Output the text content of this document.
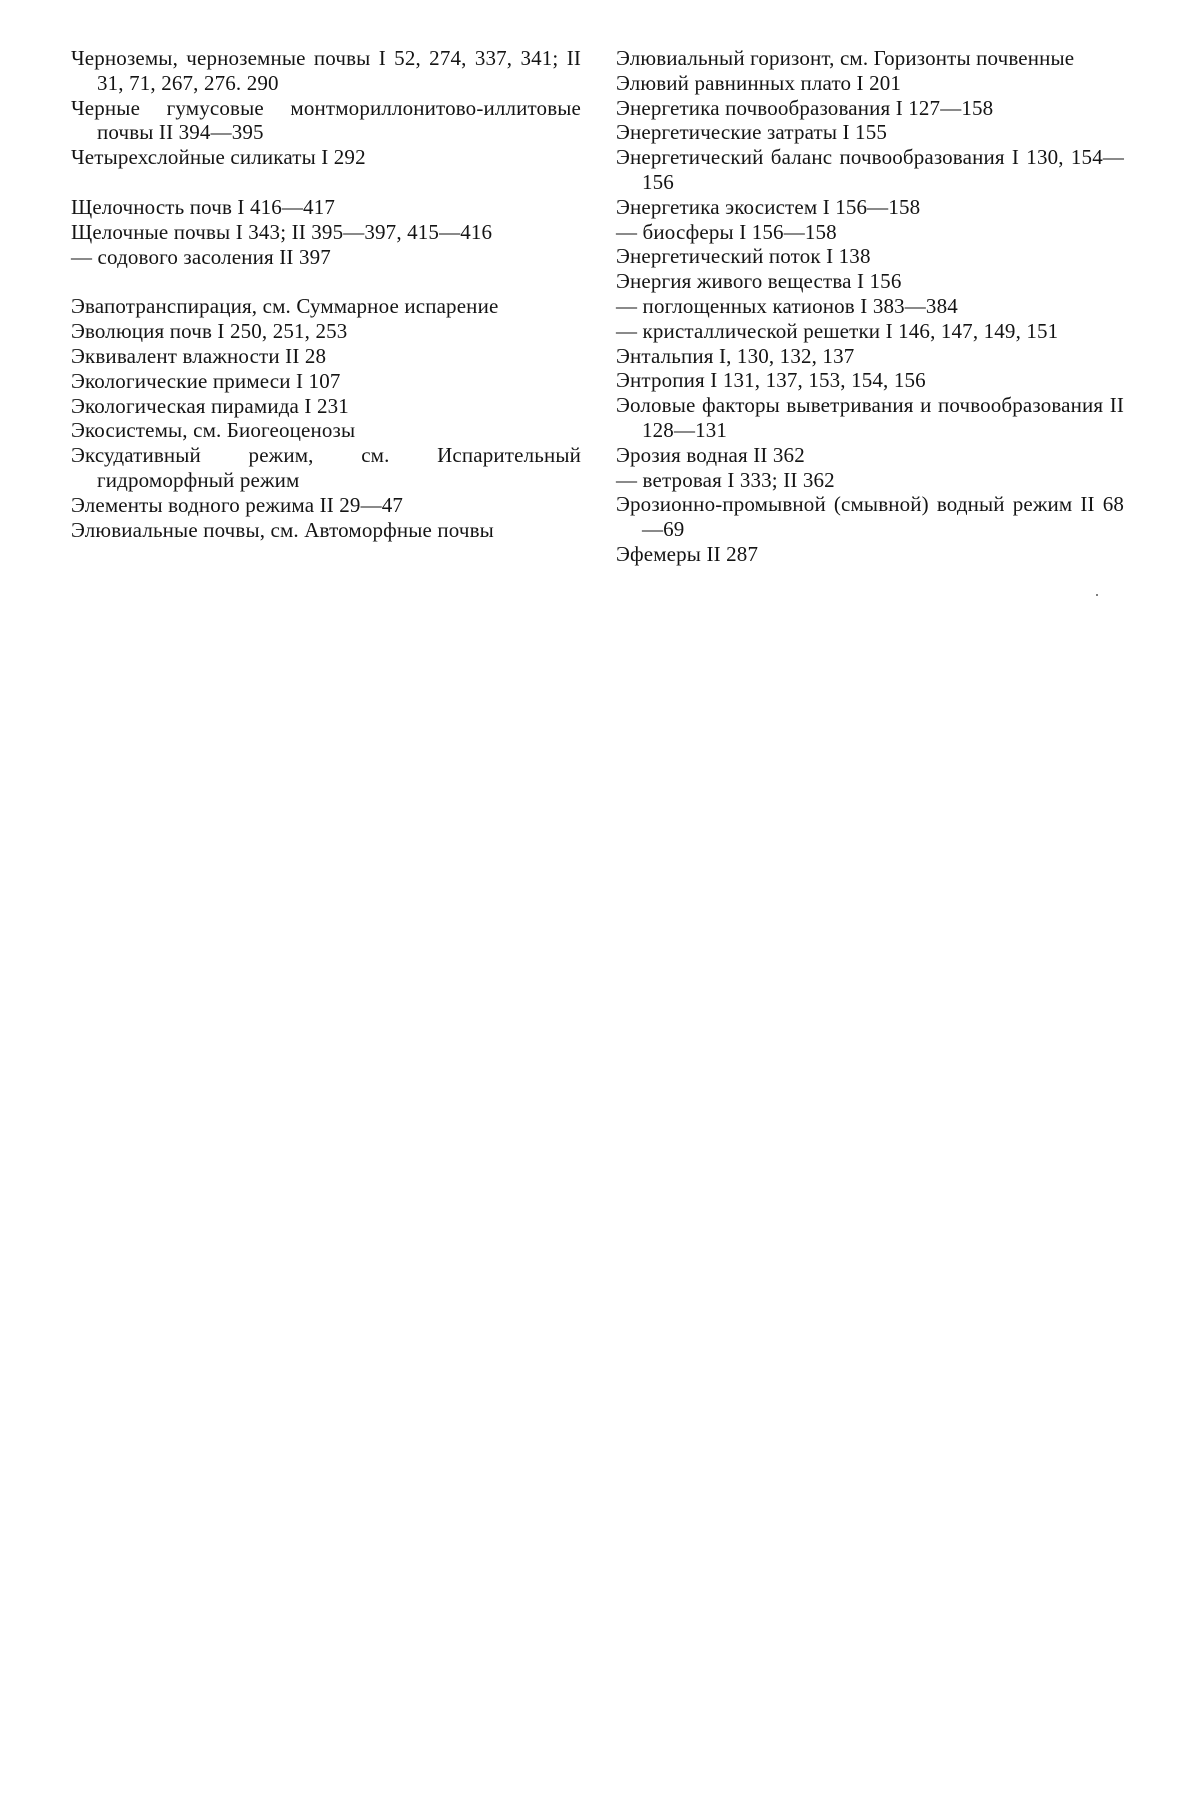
Черноземы, черноземные почвы I 52, 274, 337, 341; II 31, 71, 267, 276. 290
Черные гумусовые монтмориллонитово-иллитовые почвы II 394—395
Четырехслойные силикаты I 292
Щелочность почв I 416—417
Щелочные почвы I 343; II 395—397, 415—416
— содового засоления II 397
Эвапотранспирация, см. Суммарное испарение
Эволюция почв I 250, 251, 253
Эквивалент влажности II 28
Экологические примеси I 107
Экологическая пирамида I 231
Экосистемы, см. Биогеоценозы
Эксудативный режим, см. Испарительный гидроморфный режим
Элементы водного режима II 29—47
Элювиальные почвы, см. Автоморфные почвы
Элювиальный горизонт, см. Горизонты почвенные
Элювий равнинных плато I 201
Энергетика почвообразования I 127—158
Энергетические затраты I 155
Энергетический баланс почвообразования I 130, 154—156
Энергетика экосистем I 156—158
— биосферы I 156—158
Энергетический поток I 138
Энергия живого вещества I 156
— поглощенных катионов I 383—384
— кристаллической решетки I 146, 147, 149, 151
Энтальпия I, 130, 132, 137
Энтропия I 131, 137, 153, 154, 156
Эоловые факторы выветривания и почвообразования II 128—131
Эрозия водная II 362
— ветровая I 333; II 362
Эрозионно-промывной (смывной) водный режим II 68—69
Эфемеры II 287
